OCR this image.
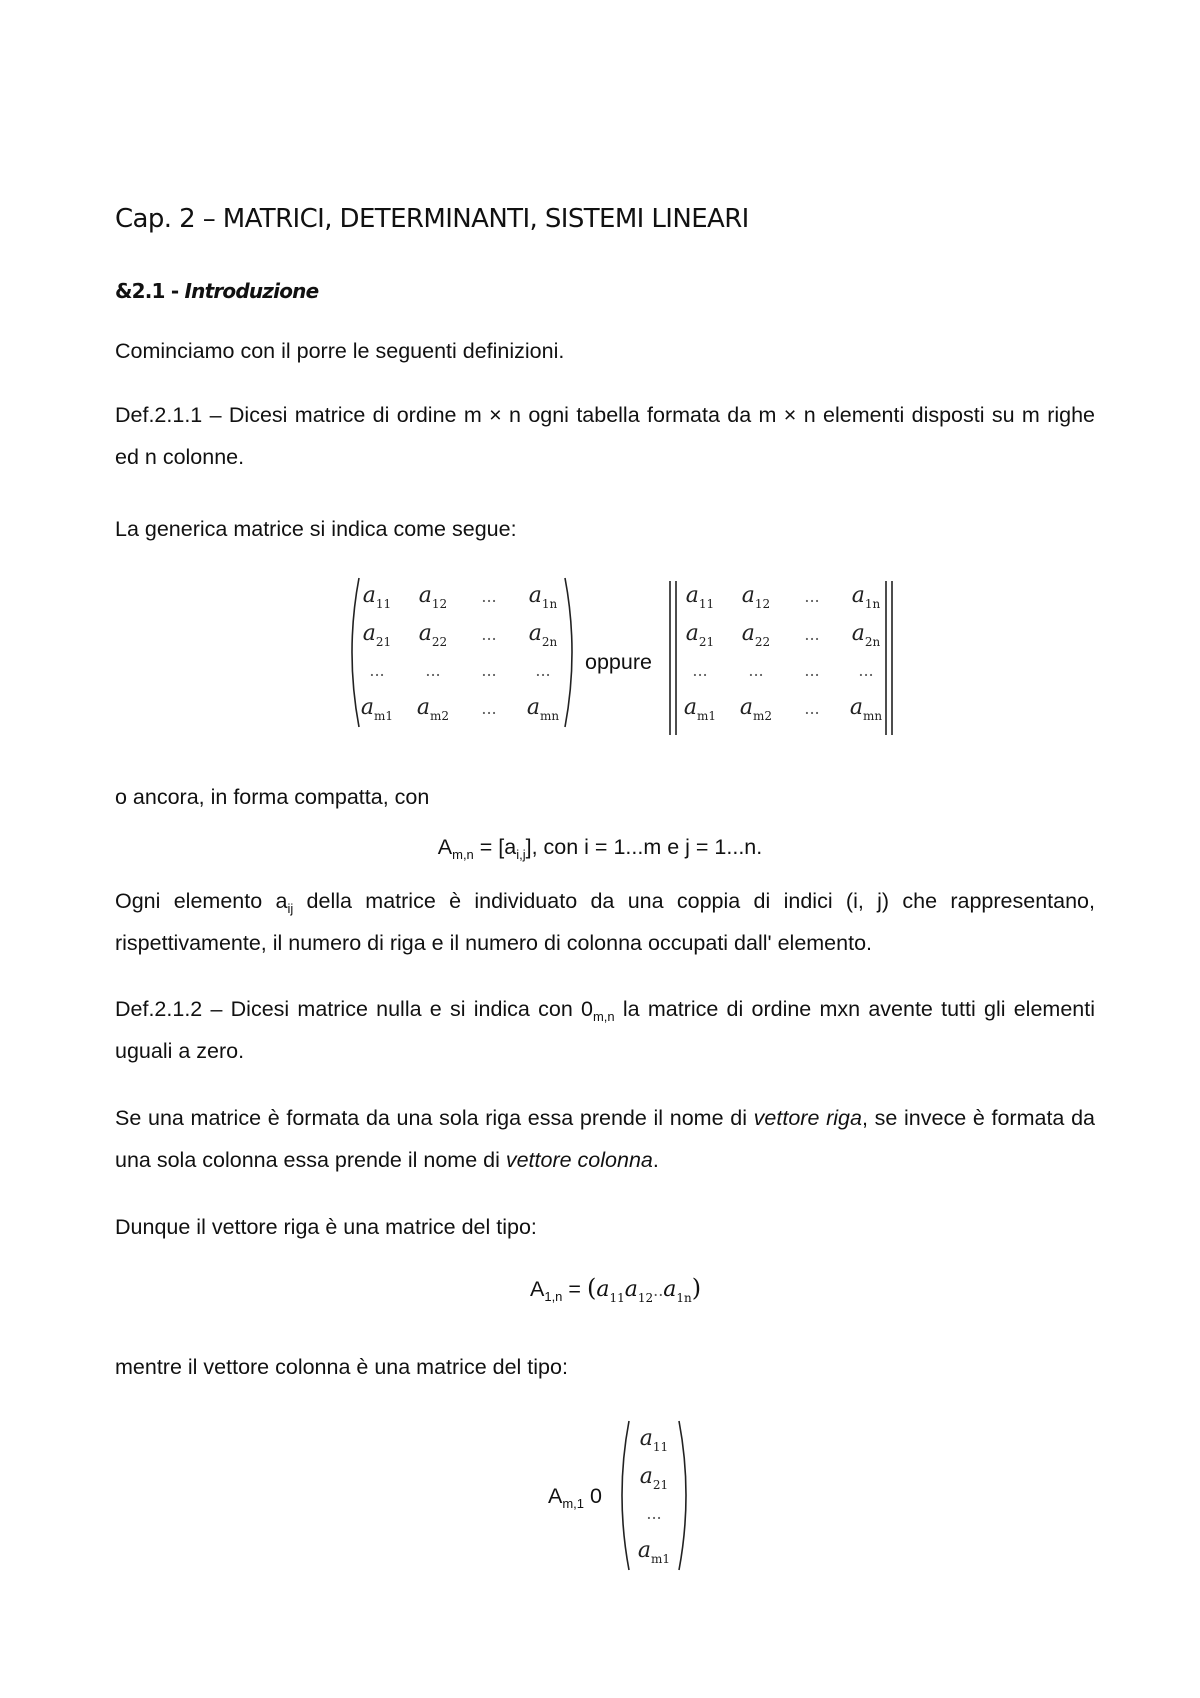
Cap. 2 – MATRICI, DETERMINANTI, SISTEMI LINEARI
&2.1 - Introduzione
Cominciamo con il porre le seguenti definizioni.
Def.2.1.1 – Dicesi matrice di ordine m × n ogni tabella formata da m × n elementi disposti su m righe ed n colonne.
La generica matrice si indica come segue:
$a_{11}$	$a_{12}$	...	$a_{1n}$
$a_{21}$	$a_{22}$	...	$a_{2n}$
...	...	...	...
$a_{m1}$	$a_{m2}$	...	$a_{mn}$
oppure
$a_{11}$	$a_{12}$	...	$a_{1n}$
$a_{21}$	$a_{22}$	...	$a_{2n}$
...	...	...	...
$a_{m1}$	$a_{m2}$	...	$a_{mn}$
o ancora, in forma compatta, con
$A_{m,n} = [a_{i,j}]$, con i = 1...m e j = 1...n.
Ogni elemento $a_{ij}$ della matrice è individuato da una coppia di indici (i, j) che rappresentano, rispettivamente, il numero di riga e il numero di colonna occupati dall' elemento.
Def.2.1.2 – Dicesi matrice nulla e si indica con $0_{m,n}$ la matrice di ordine mxn avente tutti gli elementi uguali a zero.
Se una matrice è formata da una sola riga essa prende il nome di vettore riga, se invece è formata da una sola colonna essa prende il nome di vettore colonna.
Dunque il vettore riga è una matrice del tipo:
$A_{1,n} = (a_{11}a_{12}..a_{1n})$
mentre il vettore colonna è una matrice del tipo:
$A_{m,1}$ 0
$a_{11}$
$a_{21}$
...
$a_{m1}$
